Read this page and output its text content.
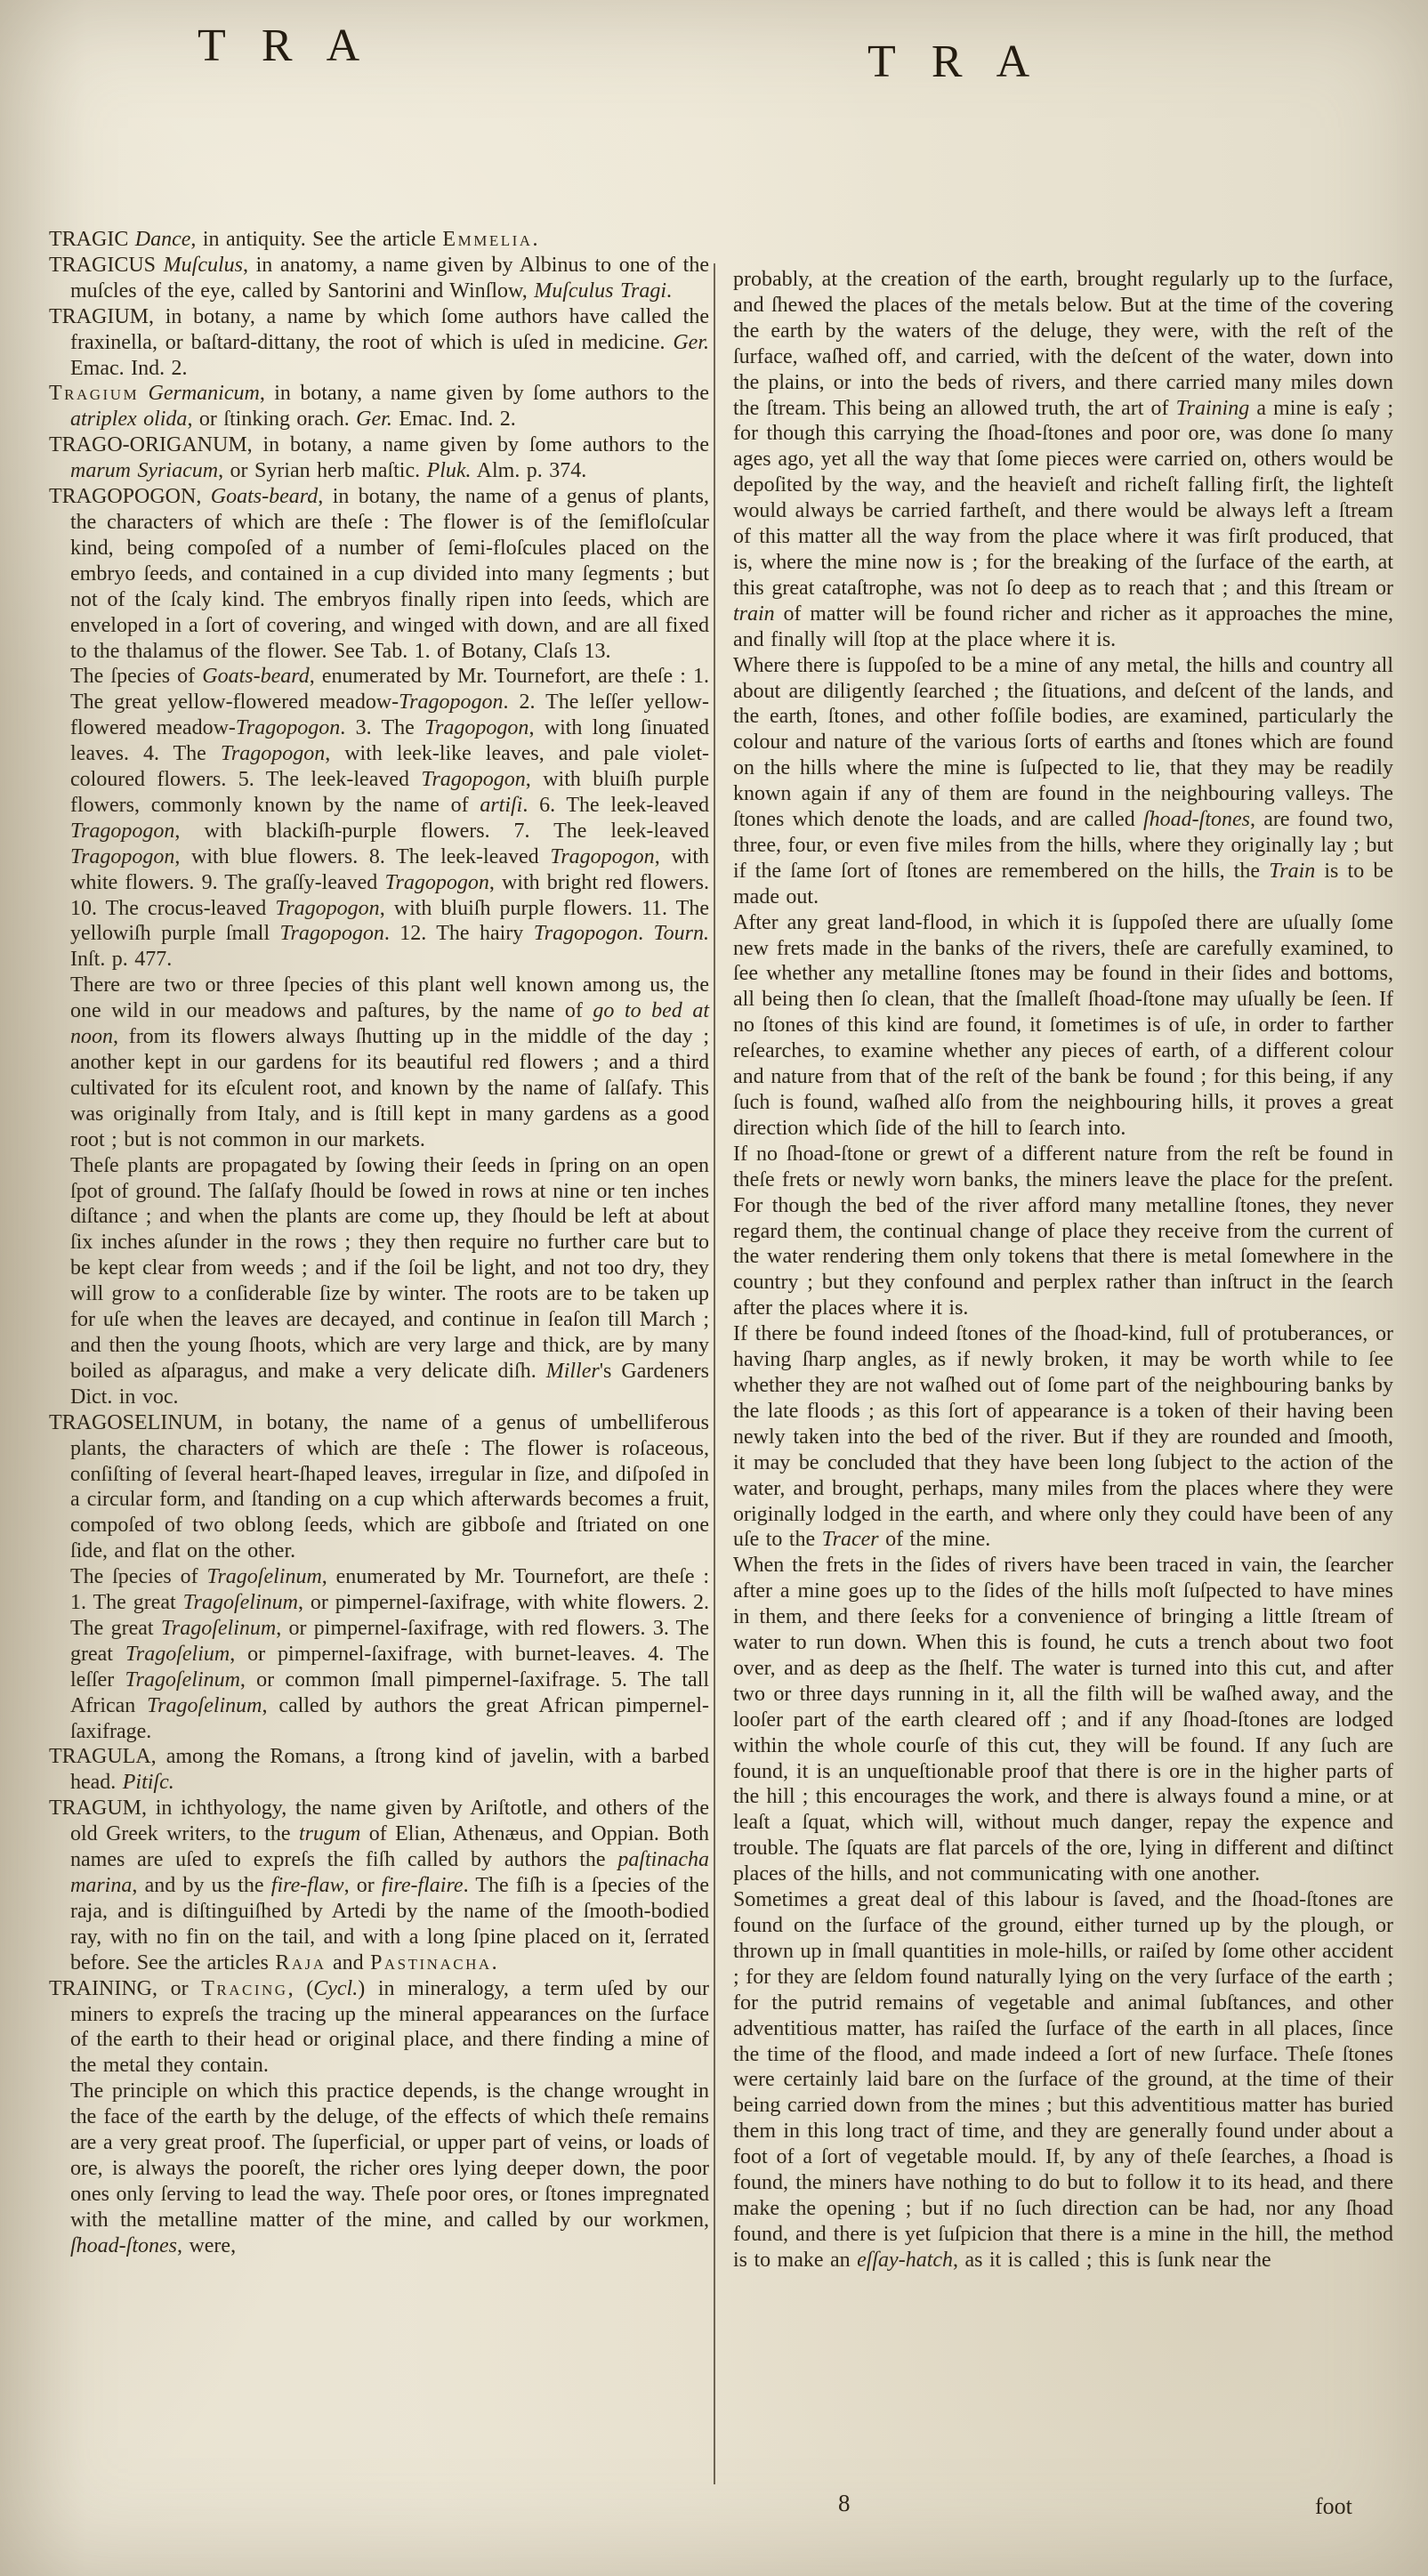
T R A	T R A
TRAGIC Dance, in antiquity. See the article Emmelia.
TRAGICUS Muſculus, in anatomy, a name given by Albinus to one of the muſcles of the eye, called by Santorini and Winſlow, Muſculus Tragi.
TRAGIUM, in botany, a name by which ſome authors have called the fraxinella, or baſtard-dittany, the root of which is uſed in medicine. Ger. Emac. Ind. 2.
Tragium Germanicum, in botany, a name given by ſome authors to the atriplex olida, or ſtinking orach. Ger. Emac. Ind. 2.
TRAGO-ORIGANUM, in botany, a name given by ſome authors to the marum Syriacum, or Syrian herb maſtic. Pluk. Alm. p. 374.
TRAGOPOGON, Goats-beard, in botany, the name of a genus of plants, the characters of which are theſe : The flower is of the ſemifloſcular kind, being compoſed of a number of ſemi-floſcules placed on the embryo ſeeds, and contained in a cup divided into many ſegments ; but not of the ſcaly kind. The embryos finally ripen into ſeeds, which are enveloped in a ſort of covering, and winged with down, and are all fixed to the thalamus of the flower. See Tab. 1. of Botany, Claſs 13.
The ſpecies of Goats-beard, enumerated by Mr. Tournefort, are theſe : 1. The great yellow-flowered meadow-Tragopogon. 2. The leſſer yellow-flowered meadow-Tragopogon. 3. The Tragopogon, with long ſinuated leaves. 4. The Tragopogon, with leek-like leaves, and pale violet-coloured flowers. 5. The leek-leaved Tragopogon, with bluiſh purple flowers, commonly known by the name of artiſi. 6. The leek-leaved Tragopogon, with blackiſh-purple flowers. 7. The leek-leaved Tragopogon, with blue flowers. 8. The leek-leaved Tragopogon, with white flowers. 9. The graſſy-leaved Tragopogon, with bright red flowers. 10. The crocus-leaved Tragopogon, with bluiſh purple flowers. 11. The yellowiſh purple ſmall Tragopogon. 12. The hairy Tragopogon. Tourn. Inſt. p. 477.
There are two or three ſpecies of this plant well known among us, the one wild in our meadows and paſtures, by the name of go to bed at noon, from its flowers always ſhutting up in the middle of the day ; another kept in our gardens for its beautiful red flowers ; and a third cultivated for its eſculent root, and known by the name of ſalſafy. This was originally from Italy, and is ſtill kept in many gardens as a good root ; but is not common in our markets.
Theſe plants are propagated by ſowing their ſeeds in ſpring on an open ſpot of ground. The ſalſafy ſhould be ſowed in rows at nine or ten inches diſtance ; and when the plants are come up, they ſhould be left at about ſix inches aſunder in the rows ; they then require no further care but to be kept clear from weeds ; and if the ſoil be light, and not too dry, they will grow to a conſiderable ſize by winter. The roots are to be taken up for uſe when the leaves are decayed, and continue in ſeaſon till March ; and then the young ſhoots, which are very large and thick, are by many boiled as aſparagus, and make a very delicate diſh. Miller's Gardeners Dict. in voc.
TRAGOSELINUM, in botany, the name of a genus of umbelliferous plants, the characters of which are theſe : The flower is roſaceous, conſiſting of ſeveral heart-ſhaped leaves, irregular in ſize, and diſpoſed in a circular form, and ſtanding on a cup which afterwards becomes a fruit, compoſed of two oblong ſeeds, which are gibboſe and ſtriated on one ſide, and flat on the other.
The ſpecies of Tragoſelinum, enumerated by Mr. Tournefort, are theſe : 1. The great Tragoſelinum, or pimpernel-ſaxifrage, with white flowers. 2. The great Tragoſelinum, or pimpernel-ſaxifrage, with red flowers. 3. The great Tragoſelium, or pimpernel-ſaxifrage, with burnet-leaves. 4. The leſſer Tragoſelinum, or common ſmall pimpernel-ſaxifrage. 5. The tall African Tragoſelinum, called by authors the great African pimpernel-ſaxifrage.
TRAGULA, among the Romans, a ſtrong kind of javelin, with a barbed head. Pitiſc.
TRAGUM, in ichthyology, the name given by Ariſtotle, and others of the old Greek writers, to the trugum of Elian, Athenæus, and Oppian. Both names are uſed to expreſs the fiſh called by authors the paſtinacha marina, and by us the fire-flaw, or fire-flaire. The fiſh is a ſpecies of the raja, and is diſtinguiſhed by Artedi by the name of the ſmooth-bodied ray, with no fin on the tail, and with a long ſpine placed on it, ſerrated before. See the articles Raja and Pastinacha.
TRAINING, or Tracing, (Cycl.) in mineralogy, a term uſed by our miners to expreſs the tracing up the mineral appearances on the ſurface of the earth to their head or original place, and there finding a mine of the metal they contain.
The principle on which this practice depends, is the change wrought in the face of the earth by the deluge, of the effects of which theſe remains are a very great proof. The ſuperficial, or upper part of veins, or loads of ore, is always the pooreſt, the richer ores lying deeper down, the poor ones only ſerving to lead the way. Theſe poor ores, or ſtones impregnated with the metalline matter of the mine, and called by our workmen, ſhoad-ſtones, were,
probably, at the creation of the earth, brought regularly up to the ſurface, and ſhewed the places of the metals below. But at the time of the covering the earth by the waters of the deluge, they were, with the reſt of the ſurface, waſhed off, and carried, with the deſcent of the water, down into the plains, or into the beds of rivers, and there carried many miles down the ſtream. This being an allowed truth, the art of Training a mine is eaſy ; for though this carrying the ſhoad-ſtones and poor ore, was done ſo many ages ago, yet all the way that ſome pieces were carried on, others would be depoſited by the way, and the heavieſt and richeſt falling firſt, the lighteſt would always be carried fartheſt, and there would be always left a ſtream of this matter all the way from the place where it was firſt produced, that is, where the mine now is ; for the breaking of the ſurface of the earth, at this great cataſtrophe, was not ſo deep as to reach that ; and this ſtream or train of matter will be found richer and richer as it approaches the mine, and finally will ſtop at the place where it is.
Where there is ſuppoſed to be a mine of any metal, the hills and country all about are diligently ſearched ; the ſituations, and deſcent of the lands, and the earth, ſtones, and other foſſile bodies, are examined, particularly the colour and nature of the various ſorts of earths and ſtones which are found on the hills where the mine is ſuſpected to lie, that they may be readily known again if any of them are found in the neighbouring valleys. The ſtones which denote the loads, and are called ſhoad-ſtones, are found two, three, four, or even five miles from the hills, where they originally lay ; but if the ſame ſort of ſtones are remembered on the hills, the Train is to be made out.
After any great land-flood, in which it is ſuppoſed there are uſually ſome new frets made in the banks of the rivers, theſe are carefully examined, to ſee whether any metalline ſtones may be found in their ſides and bottoms, all being then ſo clean, that the ſmalleſt ſhoad-ſtone may uſually be ſeen. If no ſtones of this kind are found, it ſometimes is of uſe, in order to farther reſearches, to examine whether any pieces of earth, of a different colour and nature from that of the reſt of the bank be found ; for this being, if any ſuch is found, waſhed alſo from the neighbouring hills, it proves a great direction which ſide of the hill to ſearch into.
If no ſhoad-ſtone or grewt of a different nature from the reſt be found in theſe frets or newly worn banks, the miners leave the place for the preſent. For though the bed of the river afford many metalline ſtones, they never regard them, the continual change of place they receive from the current of the water rendering them only tokens that there is metal ſomewhere in the country ; but they confound and perplex rather than inſtruct in the ſearch after the places where it is.
If there be found indeed ſtones of the ſhoad-kind, full of protuberances, or having ſharp angles, as if newly broken, it may be worth while to ſee whether they are not waſhed out of ſome part of the neighbouring banks by the late floods ; as this ſort of appearance is a token of their having been newly taken into the bed of the river. But if they are rounded and ſmooth, it may be concluded that they have been long ſubject to the action of the water, and brought, perhaps, many miles from the places where they were originally lodged in the earth, and where only they could have been of any uſe to the Tracer of the mine.
When the frets in the ſides of rivers have been traced in vain, the ſearcher after a mine goes up to the ſides of the hills moſt ſuſpected to have mines in them, and there ſeeks for a convenience of bringing a little ſtream of water to run down. When this is found, he cuts a trench about two foot over, and as deep as the ſhelf. The water is turned into this cut, and after two or three days running in it, all the filth will be waſhed away, and the looſer part of the earth cleared off ; and if any ſhoad-ſtones are lodged within the whole courſe of this cut, they will be found. If any ſuch are found, it is an unqueſtionable proof that there is ore in the higher parts of the hill ; this encourages the work, and there is always found a mine, or at leaſt a ſquat, which will, without much danger, repay the expence and trouble. The ſquats are flat parcels of the ore, lying in different and diſtinct places of the hills, and not communicating with one another.
Sometimes a great deal of this labour is ſaved, and the ſhoad-ſtones are found on the ſurface of the ground, either turned up by the plough, or thrown up in ſmall quantities in mole-hills, or raiſed by ſome other accident ; for they are ſeldom found naturally lying on the very ſurface of the earth ; for the putrid remains of vegetable and animal ſubſtances, and other adventitious matter, has raiſed the ſurface of the earth in all places, ſince the time of the flood, and made indeed a ſort of new ſurface. Theſe ſtones were certainly laid bare on the ſurface of the ground, at the time of their being carried down from the mines ; but this adventitious matter has buried them in this long tract of time, and they are generally found under about a foot of a ſort of vegetable mould. If, by any of theſe ſearches, a ſhoad is found, the miners have nothing to do but to follow it to its head, and there make the opening ; but if no ſuch direction can be had, nor any ſhoad found, and there is yet ſuſpicion that there is a mine in the hill, the method is to make an eſſay-hatch, as it is called ; this is ſunk near the
8	foot
